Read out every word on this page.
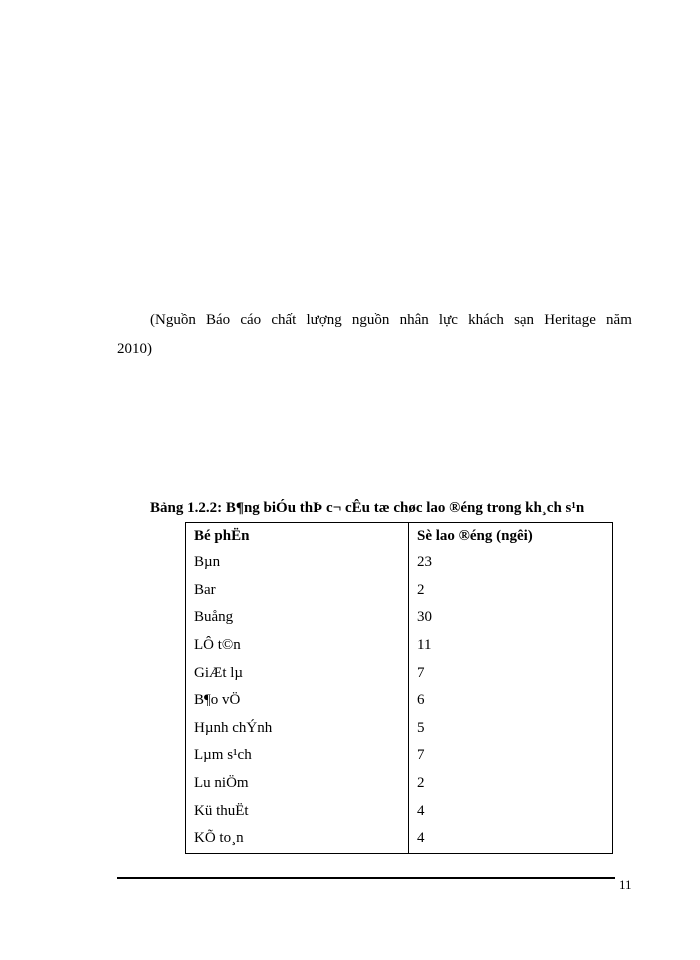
(Nguồn Báo cáo chất lượng nguồn nhân lực khách sạn Heritage năm
2010)
Bảng 1.2.2: B¶ng biÓu thÞ c¬ cÊu tæ chøc lao ®éng trong kh¸ch s¹n
Bé phËn	Sè lao ®éng (ngêi)
Bµn	23
Bar	2
Buång	30
LÔ t©n	11
GiÆt lµ	7
B¶o vÖ	6
Hµnh chÝnh	5
Lµm s¹ch	7
Lu niÖm	2
Kü thuËt	4
KÕ to¸n	4
11
